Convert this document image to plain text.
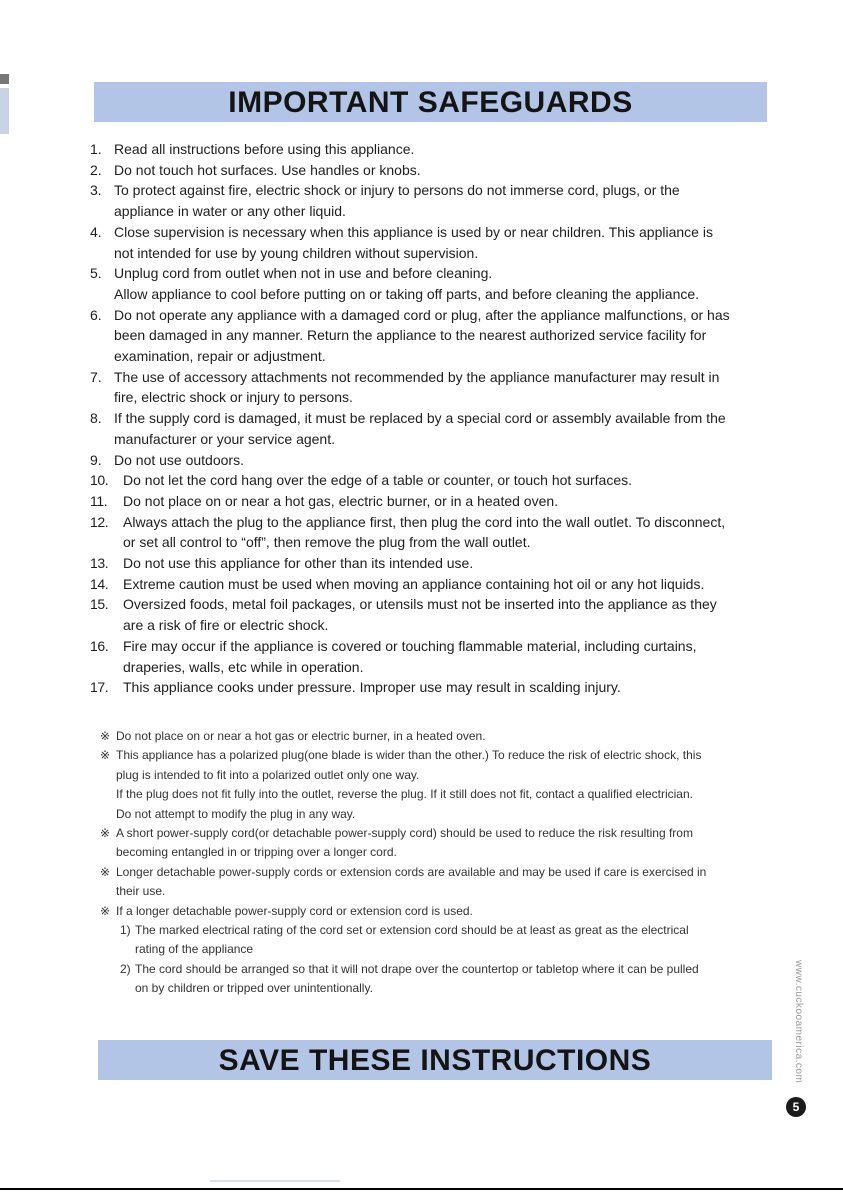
IMPORTANT SAFEGUARDS
1. Read all instructions before using this appliance.
2. Do not touch hot surfaces. Use handles or knobs.
3. To protect against fire, electric shock or injury to persons do not immerse cord, plugs, or the
appliance in water or any other liquid.
4. Close supervision is necessary when this appliance is used by or near children. This appliance is
not intended for use by young children without supervision.
5. Unplug cord from outlet when not in use and before cleaning.
Allow appliance to cool before putting on or taking off parts, and before cleaning the appliance.
6. Do not operate any appliance with a damaged cord or plug, after the appliance malfunctions, or has
been damaged in any manner. Return the appliance to the nearest authorized service facility for
examination, repair or adjustment.
7. The use of accessory attachments not recommended by the appliance manufacturer may result in
fire, electric shock or injury to persons.
8. If the supply cord is damaged, it must be replaced by a special cord or assembly available from the
manufacturer or your service agent.
9. Do not use outdoors.
10. Do not let the cord hang over the edge of a table or counter, or touch hot surfaces.
11. Do not place on or near a hot gas, electric burner, or in a heated oven.
12. Always attach the plug to the appliance first, then plug the cord into the wall outlet. To disconnect,
or set all control to “off”, then remove the plug from the wall outlet.
13. Do not use this appliance for other than its intended use.
14. Extreme caution must be used when moving an appliance containing hot oil or any hot liquids.
15. Oversized foods, metal foil packages, or utensils must not be inserted into the appliance as they
are a risk of fire or electric shock.
16. Fire may occur if the appliance is covered or touching flammable material, including curtains,
draperies, walls, etc while in operation.
17. This appliance cooks under pressure. Improper use may result in scalding injury.
※ Do not place on or near a hot gas or electric burner, in a heated oven.

※ This appliance has a polarized plug(one blade is wider than the other.) To reduce the risk of electric shock, this

plug is intended to fit into a polarized outlet only one way.

If the plug does not fit fully into the outlet, reverse the plug. If it still does not fit, contact a qualified electrician.

Do not attempt to modify the plug in any way.

※ A short power-supply cord(or detachable power-supply cord) should be used to reduce the risk resulting from

becoming entangled in or tripping over a longer cord.

※ Longer detachable power-supply cords or extension cords are available and may be used if care is exercised in

their use.

※ If a longer detachable power-supply cord or extension cord is used.

1) The marked electrical rating of the cord set or extension cord should be at least as great as the electrical
rating of the appliance
2) The cord should be arranged so that it will not drape over the countertop or tabletop where it can be pulled
on by children or tripped over unintentionally.
SAVE THESE INSTRUCTIONS	www.cuckooamerica.com
5
